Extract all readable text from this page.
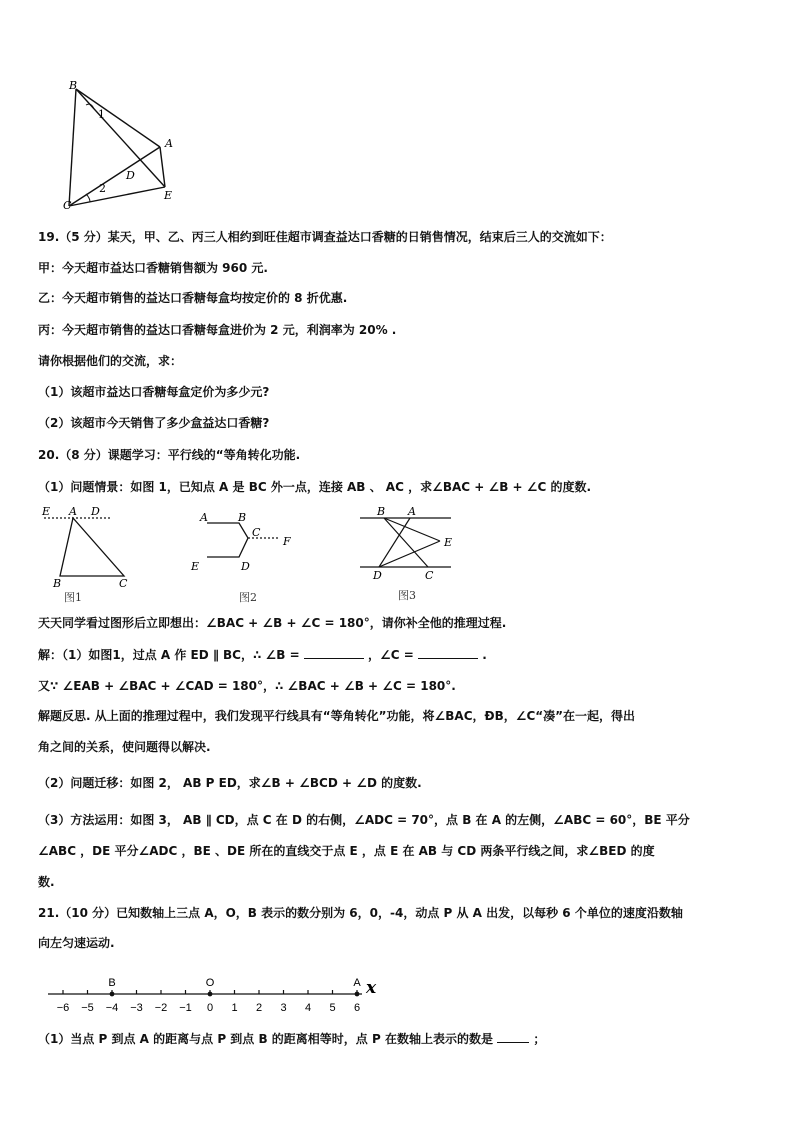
B
A
C
D
E
1
2
19.（5 分）某天，甲、乙、丙三人相约到旺佳超市调查益达口香糖的日销售情况，结束后三人的交流如下：
甲：今天超市益达口香糖销售额为 960 元.
乙：今天超市销售的益达口香糖每盒均按定价的 8 折优惠.
丙：今天超市销售的益达口香糖每盒进价为 2 元，利润率为 20% .
请你根据他们的交流，求：
（1）该超市益达口香糖每盒定价为多少元?
（2）该超市今天销售了多少盒益达口香糖?
20.（8 分）课题学习：平行线的“等角转化功能.
（1）问题情景：如图 1，已知点 A 是 BC 外一点，连接 AB 、 AC ，求∠BAC + ∠B + ∠C 的度数.
E A D
B	C
图1
A	B
C
F
E	D
图2
B A
E
D	C
图3
天天同学看过图形后立即想出：∠BAC + ∠B + ∠C = 180°，请你补全他的推理过程.
解：（1）如图1，过点 A 作 ED ∥ BC，∴ ∠B =	，∠C =	.
又∵ ∠EAB + ∠BAC + ∠CAD = 180°，∴ ∠BAC + ∠B + ∠C = 180°.
解题反思. 从上面的推理过程中，我们发现平行线具有“等角转化”功能，将∠BAC，ÐB，∠C“凑”在一起，得出
角之间的关系，使问题得以解决.
（2）问题迁移：如图 2， AB P ED，求∠B + ∠BCD + ∠D 的度数.
（3）方法运用：如图 3， AB ∥ CD，点 C 在 D 的右侧，∠ADC = 70°，点 B 在 A 的左侧，∠ABC = 60°，BE 平分
∠ABC ，DE 平分∠ADC ，BE 、DE 所在的直线交于点 E ，点 E 在 AB 与 CD 两条平行线之间，求∠BED 的度
数.
21.（10 分）已知数轴上三点 A，O，B 表示的数分别为 6，0，-4，动点 P 从 A 出发，以每秒 6 个单位的速度沿数轴
向左匀速运动.
x
−6 −5 −4 −3 −2 −1 0 1 2 3 4 5 6
B	O	A
（1）当点 P 到点 A 的距离与点 P 到点 B 的距离相等时，点 P 在数轴上表示的数是	；
